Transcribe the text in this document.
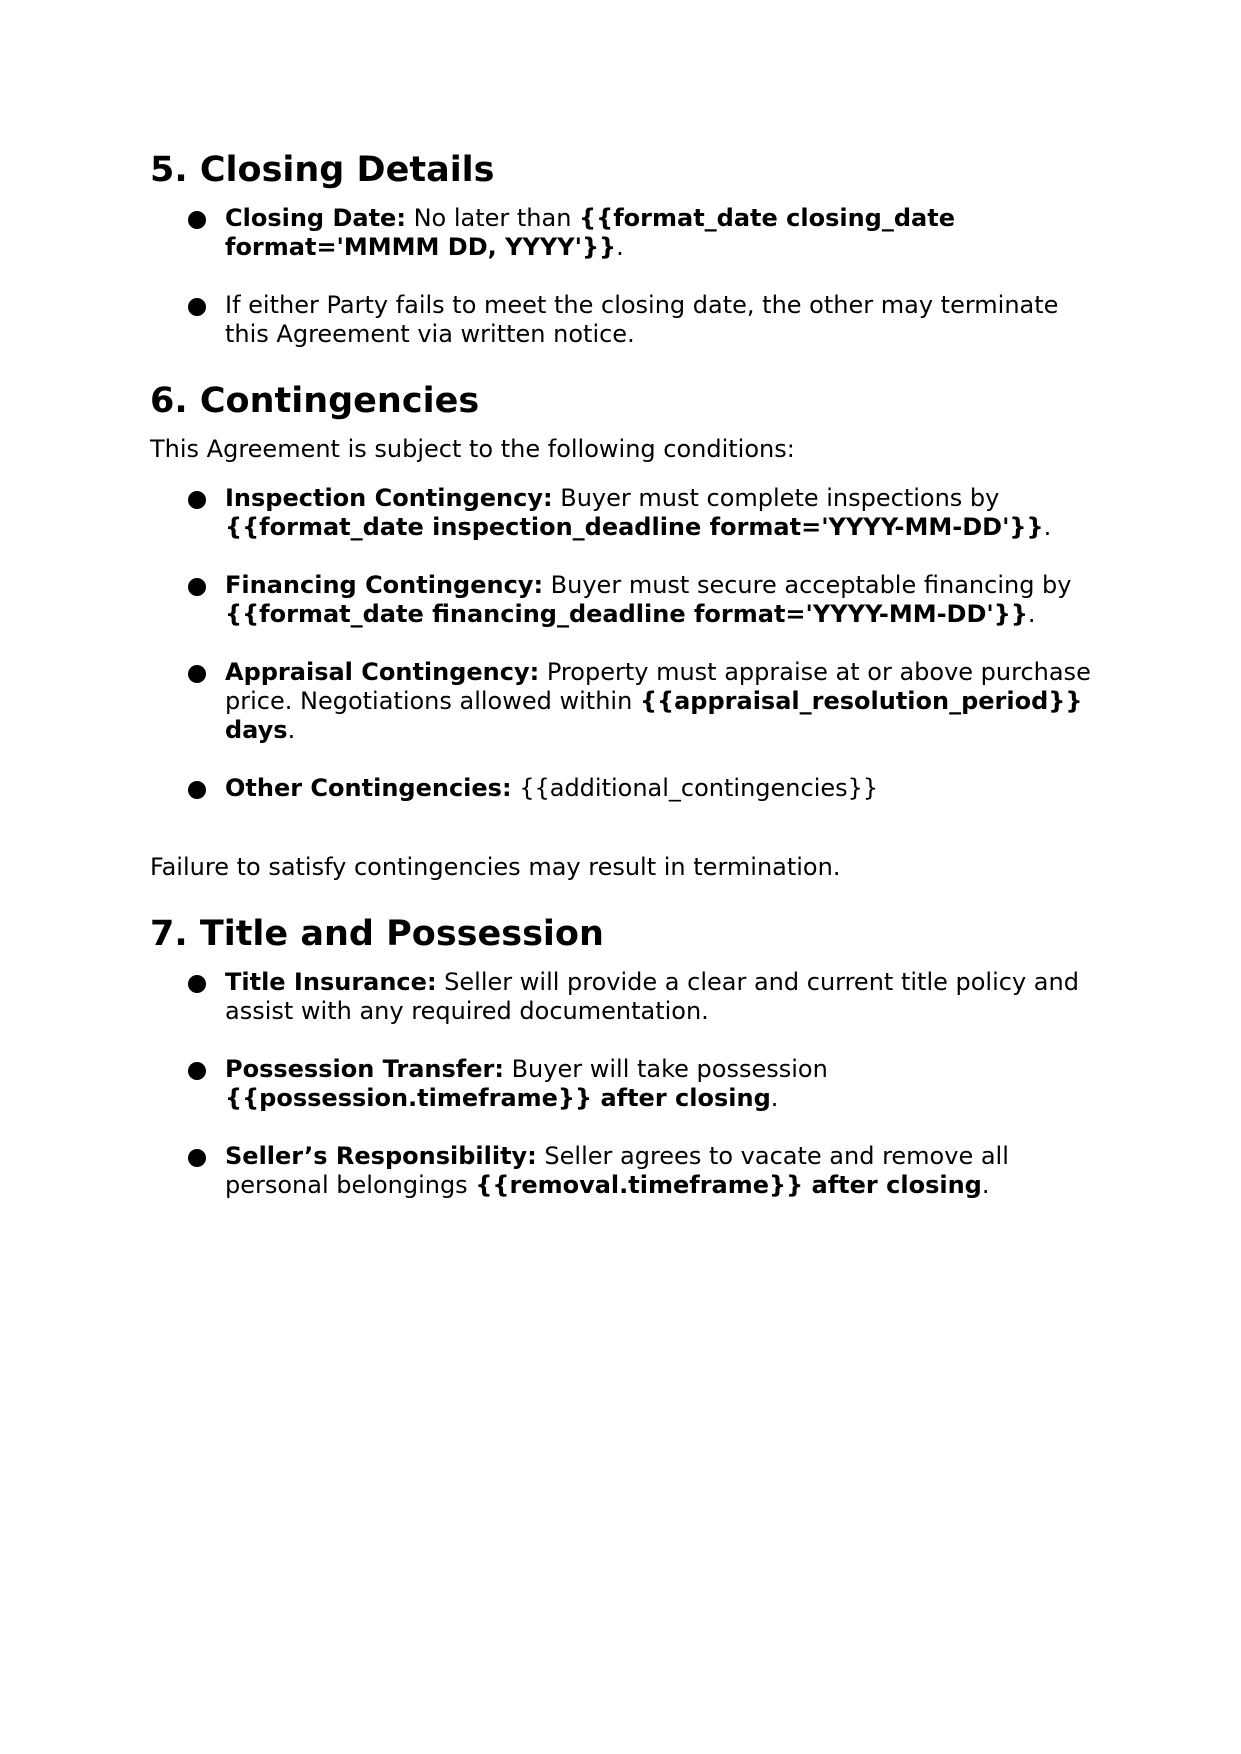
5. Closing Details
Closing Date: No later than {{format_date closing_date format='MMMM DD, YYYY'}}.
If either Party fails to meet the closing date, the other may terminate this Agreement via written notice.
6. Contingencies

This Agreement is subject to the following conditions:

Inspection Contingency: Buyer must complete inspections by {{format_date inspection_deadline format='YYYY-MM-DD'}}.
Financing Contingency: Buyer must secure acceptable financing by {{format_date financing_deadline format='YYYY-MM-DD'}}.
Appraisal Contingency: Property must appraise at or above purchase price. Negotiations allowed within {{appraisal_resolution_period}} days.
Other Contingencies: {{additional_contingencies}}

Failure to satisfy contingencies may result in termination.

7. Title and Possession
Title Insurance: Seller will provide a clear and current title policy and assist with any required documentation.
Possession Transfer: Buyer will take possession {{possession.timeframe}} after closing.
Seller’s Responsibility: Seller agrees to vacate and remove all personal belongings {{removal.timeframe}} after closing.
